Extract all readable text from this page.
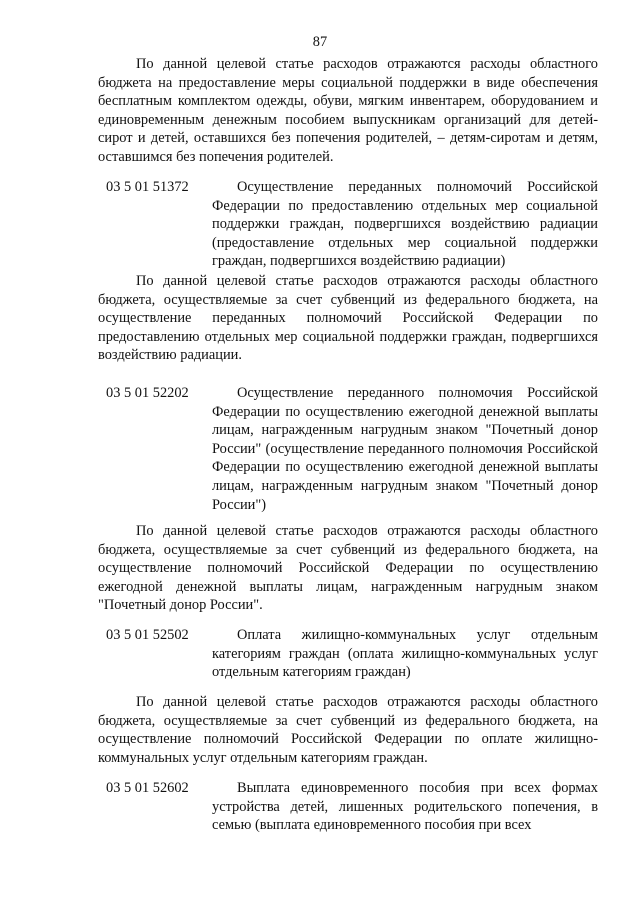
87

По данной целевой статье расходов отражаются расходы областного бюджета на предоставление меры социальной поддержки в виде обеспечения бесплатным комплектом одежды, обуви, мягким инвентарем, оборудованием и единовременным денежным пособием выпускникам организаций для детей-сирот и детей, оставшихся без попечения родителей, – детям-сиротам и детям, оставшимся без попечения родителей.

03 5 01 51372	Осуществление переданных полномочий Российской Федерации по предоставлению отдельных мер социальной поддержки граждан, подвергшихся воздействию радиации (предоставление отдельных мер социальной поддержки граждан, подвергшихся воздействию радиации)

По данной целевой статье расходов отражаются расходы областного бюджета, осуществляемые за счет субвенций из федерального бюджета, на осуществление переданных полномочий Российской Федерации по предоставлению отдельных мер социальной поддержки граждан, подвергшихся воздействию радиации.

03 5 01 52202	Осуществление переданного полномочия Российской Федерации по осуществлению ежегодной денежной выплаты лицам, награжденным нагрудным знаком "Почетный донор России" (осуществление переданного полномочия Российской Федерации по осуществлению ежегодной денежной выплаты лицам, награжденным нагрудным знаком "Почетный донор России")

По данной целевой статье расходов отражаются расходы областного бюджета, осуществляемые за счет субвенций из федерального бюджета, на осуществление полномочий Российской Федерации по осуществлению ежегодной денежной выплаты лицам, награжденным нагрудным знаком "Почетный донор России".

03 5 01 52502	Оплата жилищно-коммунальных услуг отдельным категориям граждан (оплата жилищно-коммунальных услуг отдельным категориям граждан)

По данной целевой статье расходов отражаются расходы областного бюджета, осуществляемые за счет субвенций из федерального бюджета, на осуществление полномочий Российской Федерации по оплате жилищно-коммунальных услуг отдельным категориям граждан.

03 5 01 52602	Выплата единовременного пособия при всех формах устройства детей, лишенных родительского попечения, в семью (выплата единовременного пособия при всех
